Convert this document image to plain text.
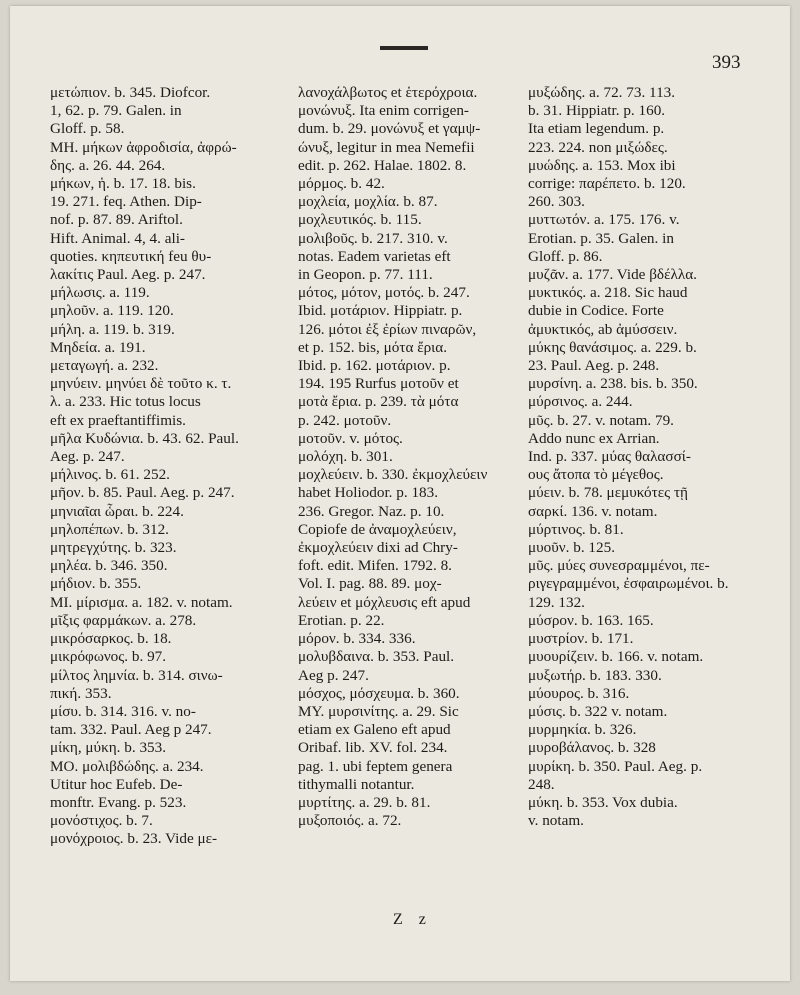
393
μετώπιον. b. 345. Diofcor.
1, 62. p. 79. Galen. in
Gloff. p. 58.
MH. μήκων ἀφροδισία, ἀφρώ-
δης. a. 26. 44. 264.
μήκων, ἡ. b. 17. 18. bis.
19. 271. feq. Athen. Dip-
nof. p. 87. 89. Ariftol.
Hift. Animal. 4, 4. ali-
quoties. κηπευτική feu θυ-
λακίτις Paul. Aeg. p. 247.
μήλωσις. a. 119.
μηλοῦν. a. 119. 120.
μήλη. a. 119. b. 319.
Μηδεία. a. 191.
μεταγωγή. a. 232.
μηνύειν. μηνύει δὲ τοῦτο κ. τ.
λ. a. 233. Hic totus locus
eft ex praeftantiffimis.
μῆλα Κυδώνια. b. 43. 62. Paul.
Aeg. p. 247.
μήλινος. b. 61. 252.
μῆον. b. 85. Paul. Aeg. p. 247.
μηνιαῖαι ὧραι. b. 224.
μηλοπέπων. b. 312.
μητρεγχύτης. b. 323.
μηλέα. b. 346. 350.
μήδιον. b. 355.
MI. μίρισμα. a. 182. v. notam.
μῖξις φαρμάκων. a. 278.
μικρόσαρκος. b. 18.
μικρόφωνος. b. 97.
μίλτος λημνία. b. 314. σινω-
πική. 353.
μίσυ. b. 314. 316. v. no-
tam. 332. Paul. Aeg p 247.
μίκη, μύκη. b. 353.
MO. μολιβδώδης. a. 234.
Utitur hoc Eufeb. De-
monftr. Evang. p. 523.
μονόστιχος. b. 7.
μονόχροιος. b. 23. Vide με-
λανοχάλβωτος et ἑτερόχροια.
μονώνυξ. Ita enim corrigen-
dum. b. 29. μονώνυξ et γαμψ-
ώνυξ, legitur in mea Nemefii
edit. p. 262. Halae. 1802. 8.
μόρμος. b. 42.
μοχλεία, μοχλία. b. 87.
μοχλευτικός. b. 115.
μολιβοῦς. b. 217. 310. v.
notas. Eadem varietas eft
in Geopon. p. 77. 111.
μότος, μότον, μοτός. b. 247.
Ibid. μοτάριον. Hippiatr. p.
126. μότοι ἐξ ἐρίων πιναρῶν,
et p. 152. bis, μότα ἔρια.
Ibid. p. 162. μοτάριον. p.
194. 195 Rurfus μοτοῦν et
μοτὰ ἔρια. p. 239. τὰ μότα
p. 242. μοτοῦν.
μοτοῦν. v. μότος.
μολόχη. b. 301.
μοχλεύειν. b. 330. ἐκμοχλεύειν
habet Holiodor. p. 183.
236. Gregor. Naz. p. 10.
Copiofe de ἀναμοχλεύειν,
ἐκμοχλεύειν dixi ad Chry-
foft. edit. Mifen. 1792. 8.
Vol. I. pag. 88. 89. μοχ-
λεύειν et μόχλευσις eft apud
Erotian. p. 22.
μόρον. b. 334. 336.
μολυβδαινα. b. 353. Paul.
Aeg p. 247.
μόσχος, μόσχευμα. b. 360.
MY. μυρσινίτης. a. 29. Sic
etiam ex Galeno eft apud
Oribaf. lib. XV. fol. 234.
pag. 1. ubi feptem genera
tithymalli notantur.
μυρτίτης. a. 29. b. 81.
μυξοποιός. a. 72.
μυξώδης. a. 72. 73. 113.
b. 31. Hippiatr. p. 160.
Ita etiam legendum. p.
223. 224. non μιξώδες.
μυώδης. a. 153. Mox ibi
corrige: παρέπετο. b. 120.
260. 303.
μυττωτόν. a. 175. 176. v.
Erotian. p. 35. Galen. in
Gloff. p. 86.
μυζᾶν. a. 177. Vide βδέλλα.
μυκτικός. a. 218. Sic haud
dubie in Codice. Forte
ἀμυκτικός, ab ἀμύσσειν.
μύκης θανάσιμος. a. 229. b.
23. Paul. Aeg. p. 248.
μυρσίνη. a. 238. bis. b. 350.
μύρσινος. a. 244.
μῦς. b. 27. v. notam. 79.
Addo nunc ex Arrian.
Ind. p. 337. μύας θαλασσί-
ους ἄτοπα τὸ μέγεθος.
μύειν. b. 78. μεμυκότες τῇ
σαρκί. 136. v. notam.
μύρτινος. b. 81.
μυοῦν. b. 125.
μῦς. μύες συνεσραμμένοι, πε-
ριγεγραμμένοι, ἐσφαιρωμένοι. b.
129. 132.
μύσρον. b. 163. 165.
μυστρίον. b. 171.
μυουρίζειν. b. 166. v. notam.
μυξωτήρ. b. 183. 330.
μύουρος. b. 316.
μύσις. b. 322 v. notam.
μυρμηκία. b. 326.
μυροβάλανος. b. 328
μυρίκη. b. 350. Paul. Aeg. p.
248.
μύκη. b. 353. Vox dubia.
v. notam.
Z z
